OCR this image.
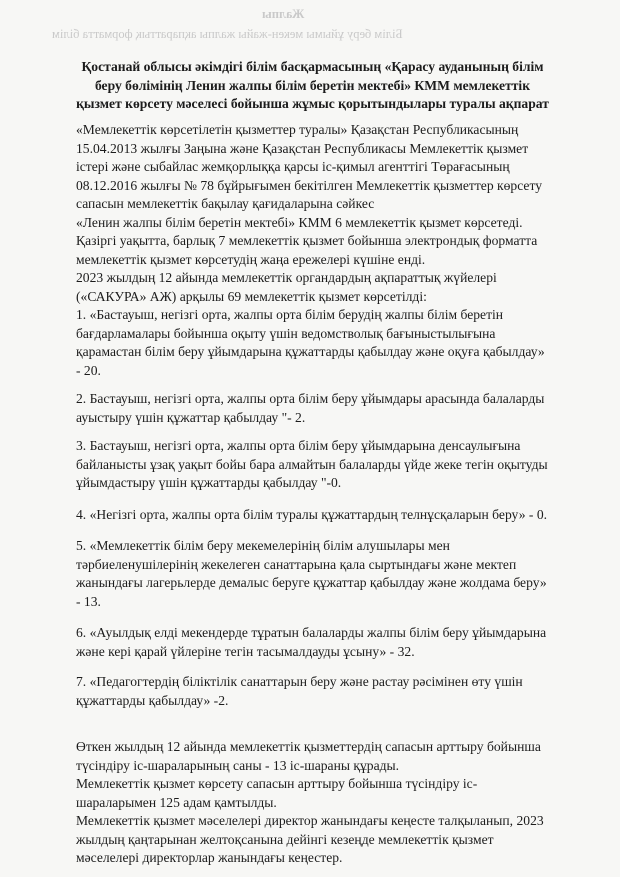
Жалпы
Білім беру ұйымы мекен-жайы жалпы ақпараттық форматта білім
Қостанай облысы әкімдігі білім басқармасының «Қарасу ауданының білім
беру бөлімінің Ленин жалпы білім беретін мектебі» КММ мемлекеттік
қызмет көрсету мәселесі бойынша жұмыс қорытындылары туралы ақпарат
«Мемлекеттік көрсетілетін қызметтер туралы» Қазақстан Республикасының
15.04.2013 жылғы Заңына және Қазақстан Республикасы Мемлекеттік қызмет
істері және сыбайлас жемқорлыққа қарсы іс-қимыл агенттігі Төрағасының
08.12.2016 жылғы № 78 бұйрығымен бекітілген Мемлекеттік қызметтер көрсету
сапасын мемлекеттік бақылау қағидаларына сәйкес
«Ленин жалпы білім беретін мектебі» КММ 6 мемлекеттік қызмет көрсетеді.
Қазіргі уақытта, барлық 7 мемлекеттік қызмет бойынша электрондық форматта
мемлекеттік қызмет көрсетудің жаңа ережелері күшіне енді.
2023 жылдың 12 айында мемлекеттік органдардың ақпараттық жүйелері
(«САКУРА» АЖ) арқылы 69 мемлекеттік қызмет көрсетілді:
1. «Бастауыш, негізгі орта, жалпы орта білім берудің жалпы білім беретін
бағдарламалары бойынша оқыту үшін ведомстволық бағыныстылығына
қарамастан білім беру ұйымдарына құжаттарды қабылдау және оқуға қабылдау»
- 20.
2. Бастауыш, негізгі орта, жалпы орта білім беру ұйымдары арасында балаларды
ауыстыру үшін құжаттар қабылдау "- 2.
3. Бастауыш, негізгі орта, жалпы орта білім беру ұйымдарына денсаулығына
байланысты ұзақ уақыт бойы бара алмайтын балаларды үйде жеке тегін оқытуды
ұйымдастыру үшін құжаттарды қабылдау "-0.
4. «Негізгі орта, жалпы орта білім туралы құжаттардың телнұсқаларын беру» - 0.
5. «Мемлекеттік білім беру мекемелерінің білім алушылары мен
тәрбиеленушілерінің жекелеген санаттарына қала сыртындағы және мектеп
жанындағы лагерьлерде демалыс беруге құжаттар қабылдау және жолдама беру»
- 13.
6. «Ауылдық елді мекендерде тұратын балаларды жалпы білім беру ұйымдарына
және кері қарай үйлеріне тегін тасымалдауды ұсыну» - 32.
7. «Педагогтердің біліктілік санаттарын беру және растау рәсімінен өту үшін
құжаттарды қабылдау» -2.
Өткен жылдың 12 айында мемлекеттік қызметтердің сапасын арттыру бойынша
түсіндіру іс-шараларының саны - 13 іс-шараны құрады.
Мемлекеттік қызмет көрсету сапасын арттыру бойынша түсіндіру іс-
шараларымен 125 адам қамтылды.
Мемлекеттік қызмет мәселелері директор жанындағы кеңесте талқыланып, 2023
жылдың қаңтарынан желтоқсанына дейінгі кезеңде мемлекеттік қызмет
мәселелері директорлар жанындағы кеңестер.
